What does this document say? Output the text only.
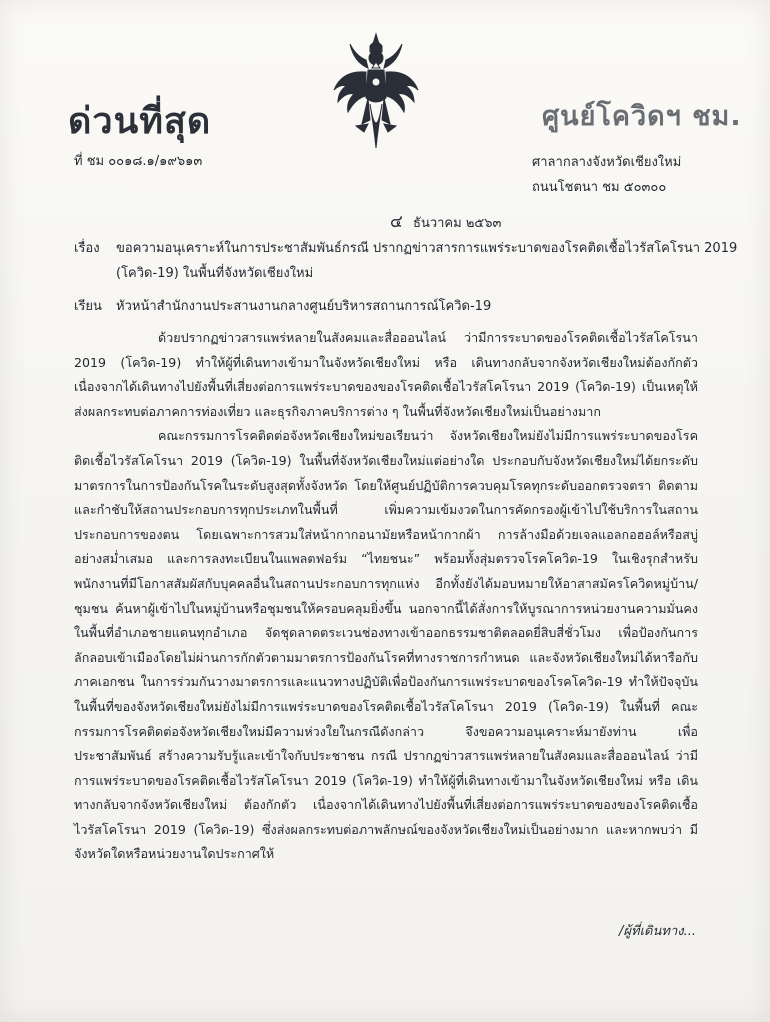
ด่วนที่สุด	ศูนย์โควิดฯ ชม.
ที่ ชม ๐๐๑๘.๑/๑๙๖๑๓	ศาลากลางจังหวัดเชียงใหม่
ถนนโชตนา ชม ๕๐๓๐๐
๔ ธันวาคม ๒๕๖๓
เรื่อง	ขอความอนุเคราะห์ในการประชาสัมพันธ์กรณี ปรากฏข่าวสารการแพร่ระบาดของโรคติดเชื้อไวรัสโคโรนา 2019 (โควิด-19) ในพื้นที่จังหวัดเชียงใหม่
เรียน	หัวหน้าสำนักงานประสานงานกลางศูนย์บริหารสถานการณ์โควิด-19

ด้วยปรากฏข่าวสารแพร่หลายในสังคมและสื่อออนไลน์ ว่ามีการระบาดของโรคติดเชื้อไวรัสโคโรนา 2019 (โควิด-19) ทำให้ผู้ที่เดินทางเข้ามาในจังหวัดเชียงใหม่ หรือ เดินทางกลับจากจังหวัดเชียงใหม่ต้องกักตัว เนื่องจากได้เดินทางไปยังพื้นที่เสี่ยงต่อการแพร่ระบาดของของโรคติดเชื้อไวรัสโคโรนา 2019 (โควิด-19) เป็นเหตุให้ส่งผลกระทบต่อภาคการท่องเที่ยว และธุรกิจภาคบริการต่าง ๆ ในพื้นที่จังหวัดเชียงใหม่เป็นอย่างมาก

คณะกรรมการโรคติดต่อจังหวัดเชียงใหม่ขอเรียนว่า จังหวัดเชียงใหม่ยังไม่มีการแพร่ระบาดของโรคติดเชื้อไวรัสโคโรนา 2019 (โควิด-19) ในพื้นที่จังหวัดเชียงใหม่แต่อย่างใด ประกอบกับจังหวัดเชียงใหม่ได้ยกระดับมาตรการในการป้องกันโรคในระดับสูงสุดทั้งจังหวัด โดยให้ศูนย์ปฏิบัติการควบคุมโรคทุกระดับออกตรวจตรา ติดตาม และกำชับให้สถานประกอบการทุกประเภทในพื้นที่ เพิ่มความเข้มงวดในการคัดกรองผู้เข้าไปใช้บริการในสถานประกอบการของตน โดยเฉพาะการสวมใส่หน้ากากอนามัยหรือหน้ากากผ้า การล้างมือด้วยเจลแอลกอฮอล์หรือสบู่อย่างสม่ำเสมอ และการลงทะเบียนในแพลตฟอร์ม “ไทยชนะ” พร้อมทั้งสุ่มตรวจโรคโควิด-19 ในเชิงรุกสำหรับพนักงานที่มีโอกาสสัมผัสกับบุคคลอื่นในสถานประกอบการทุกแห่ง อีกทั้งยังได้มอบหมายให้อาสาสมัครโควิดหมู่บ้าน/ชุมชน ค้นหาผู้เข้าไปในหมู่บ้านหรือชุมชนให้ครอบคลุมยิ่งขึ้น นอกจากนี้ได้สั่งการให้บูรณาการหน่วยงานความมั่นคงในพื้นที่อำเภอชายแดนทุกอำเภอ จัดชุดลาดตระเวนช่องทางเข้าออกธรรมชาติตลอดยี่สิบสี่ชั่วโมง เพื่อป้องกันการลักลอบเข้าเมืองโดยไม่ผ่านการกักตัวตามมาตรการป้องกันโรคที่ทางราชการกำหนด และจังหวัดเชียงใหม่ได้หารือกับภาคเอกชน ในการร่วมกันวางมาตรการและแนวทางปฏิบัติเพื่อป้องกันการแพร่ระบาดของโรคโควิด-19 ทำให้ปัจจุบันในพื้นที่ของจังหวัดเชียงใหม่ยังไม่มีการแพร่ระบาดของโรคติดเชื้อไวรัสโคโรนา 2019 (โควิด-19) ในพื้นที่ คณะกรรมการโรคติดต่อจังหวัดเชียงใหม่มีความห่วงใยในกรณีดังกล่าว จึงขอความอนุเคราะห์มายังท่าน เพื่อประชาสัมพันธ์ สร้างความรับรู้และเข้าใจกับประชาชน กรณี ปรากฏข่าวสารแพร่หลายในสังคมและสื่อออนไลน์ ว่ามีการแพร่ระบาดของโรคติดเชื้อไวรัสโคโรนา 2019 (โควิด-19) ทำให้ผู้ที่เดินทางเข้ามาในจังหวัดเชียงใหม่ หรือ เดินทางกลับจากจังหวัดเชียงใหม่ ต้องกักตัว เนื่องจากได้เดินทางไปยังพื้นที่เสี่ยงต่อการแพร่ระบาดของของโรคติดเชื้อไวรัสโคโรนา 2019 (โควิด-19) ซึ่งส่งผลกระทบต่อภาพลักษณ์ของจังหวัดเชียงใหม่เป็นอย่างมาก และหากพบว่า มีจังหวัดใดหรือหน่วยงานใดประกาศให้

/ผู้ที่เดินทาง...
